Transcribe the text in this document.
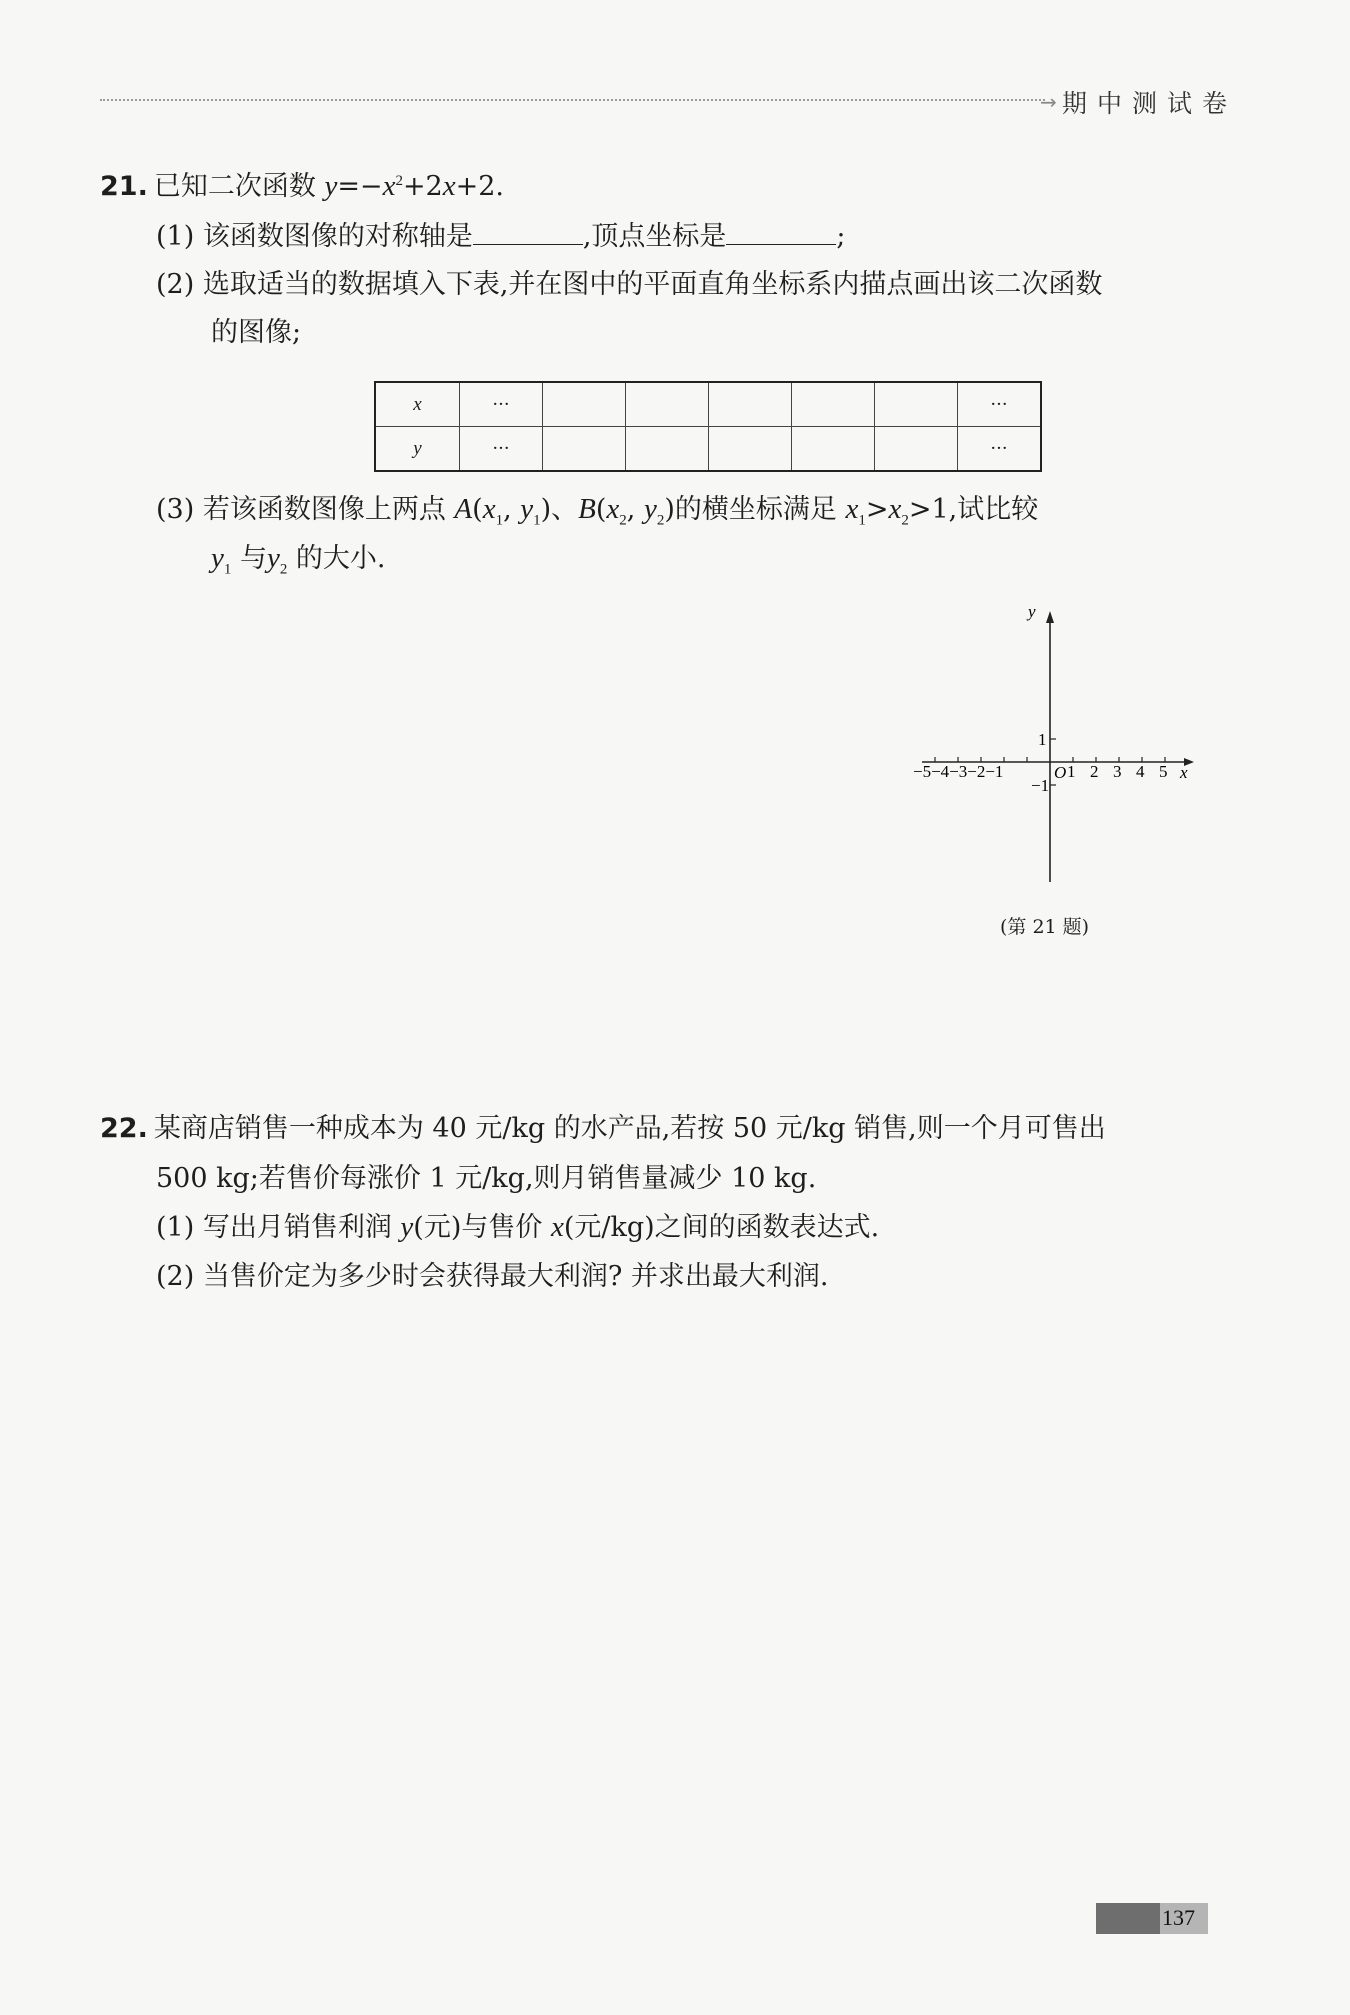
→ 期中测试卷
21. 已知二次函数 $y=-x^2+2x+2$.
(1) 该函数图像的对称轴是	,顶点坐标是	;
(2) 选取适当的数据填入下表,并在图中的平面直角坐标系内描点画出该二次函数
的图像;
x	···						···
y	···						···
(3) 若该函数图像上两点 $A(x_1$, $y_1$)、$B(x_2$, $y_2$)的横坐标满足 $x_1>x_2>1$,试比较
$y_1$ 与$y_2$ 的大小.
y
x
−5−4−3−2−1	O 1 2 3 4 5
1
−1
(第 21 题)
22. 某商店销售一种成本为 40 元/kg 的水产品,若按 50 元/kg 销售,则一个月可售出
500 kg;若售价每涨价 1 元/kg,则月销售量减少 10 kg.
(1) 写出月销售利润 y(元)与售价 x(元/kg)之间的函数表达式.
(2) 当售价定为多少时会获得最大利润? 并求出最大利润.
137
